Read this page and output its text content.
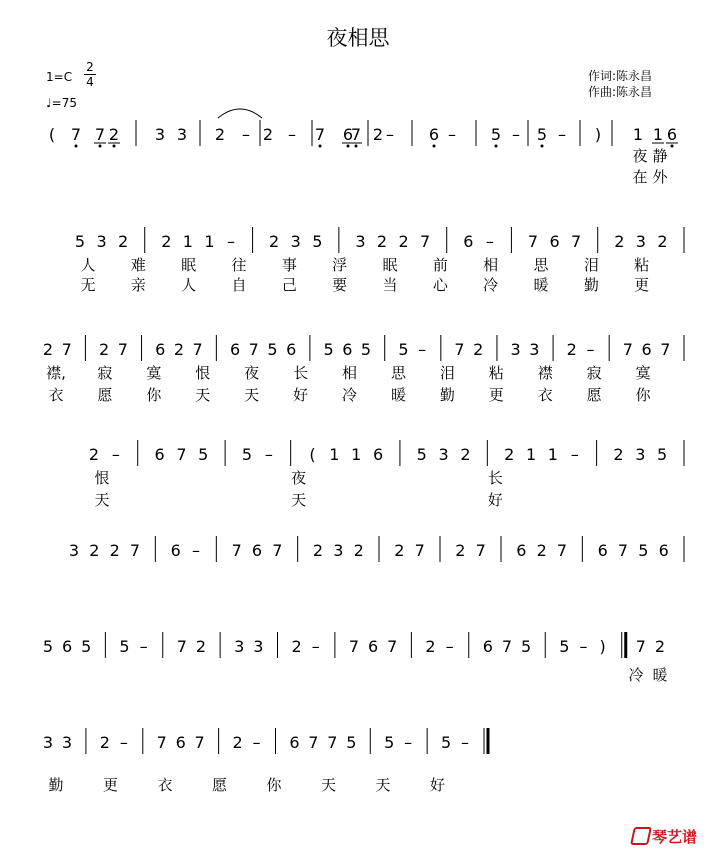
夜相思
$1=C \frac{2}{4}$
♩=75
作词:陈永昌
作曲:陈永昌
( 7 7 2 3 3 2 – 2 – 7 6
7 2 – 6 – 5 – 5 – ) 1 1 6
夜 静
在 外
5 3 2 2 1 1 – 2 3 5 3 2 2 7 6 – 7 6 7 2 3 2
人 难 眠 往 事 浮 眠 前 相 思 泪 粘
无 亲 人 自 己 要 当 心 冷 暖 勤 更
2 7 2 7 6 2 7 6 7 5 6 5 6 5 5 – 7 2 3 3 2 – 7 6 7
襟, 寂 寞 恨 夜 长 相 思 泪 粘 襟 寂 寞
衣 愿 你 天 天 好 冷 暖 勤 更 衣 愿 你
2 – 6 7 5 5 – ( 1 1 6 5 3 2 2 1 1 – 2 3 5
恨	夜	长
天	天	好
3 2 2 7 6 – 7 6 7 2 3 2 2 7 2 7 6 2 7 6 7 5 6
5 6 5 5 – 7 2 3 3 2 – 7 6 7 2 – 6 7 5 5 – ) 7 2
3 3 2 – 7 6 7 2 – 6 7 7 5 5 – 5 –
勤	更	衣	愿	你	天	天	好
冷 暖
琴艺谱
